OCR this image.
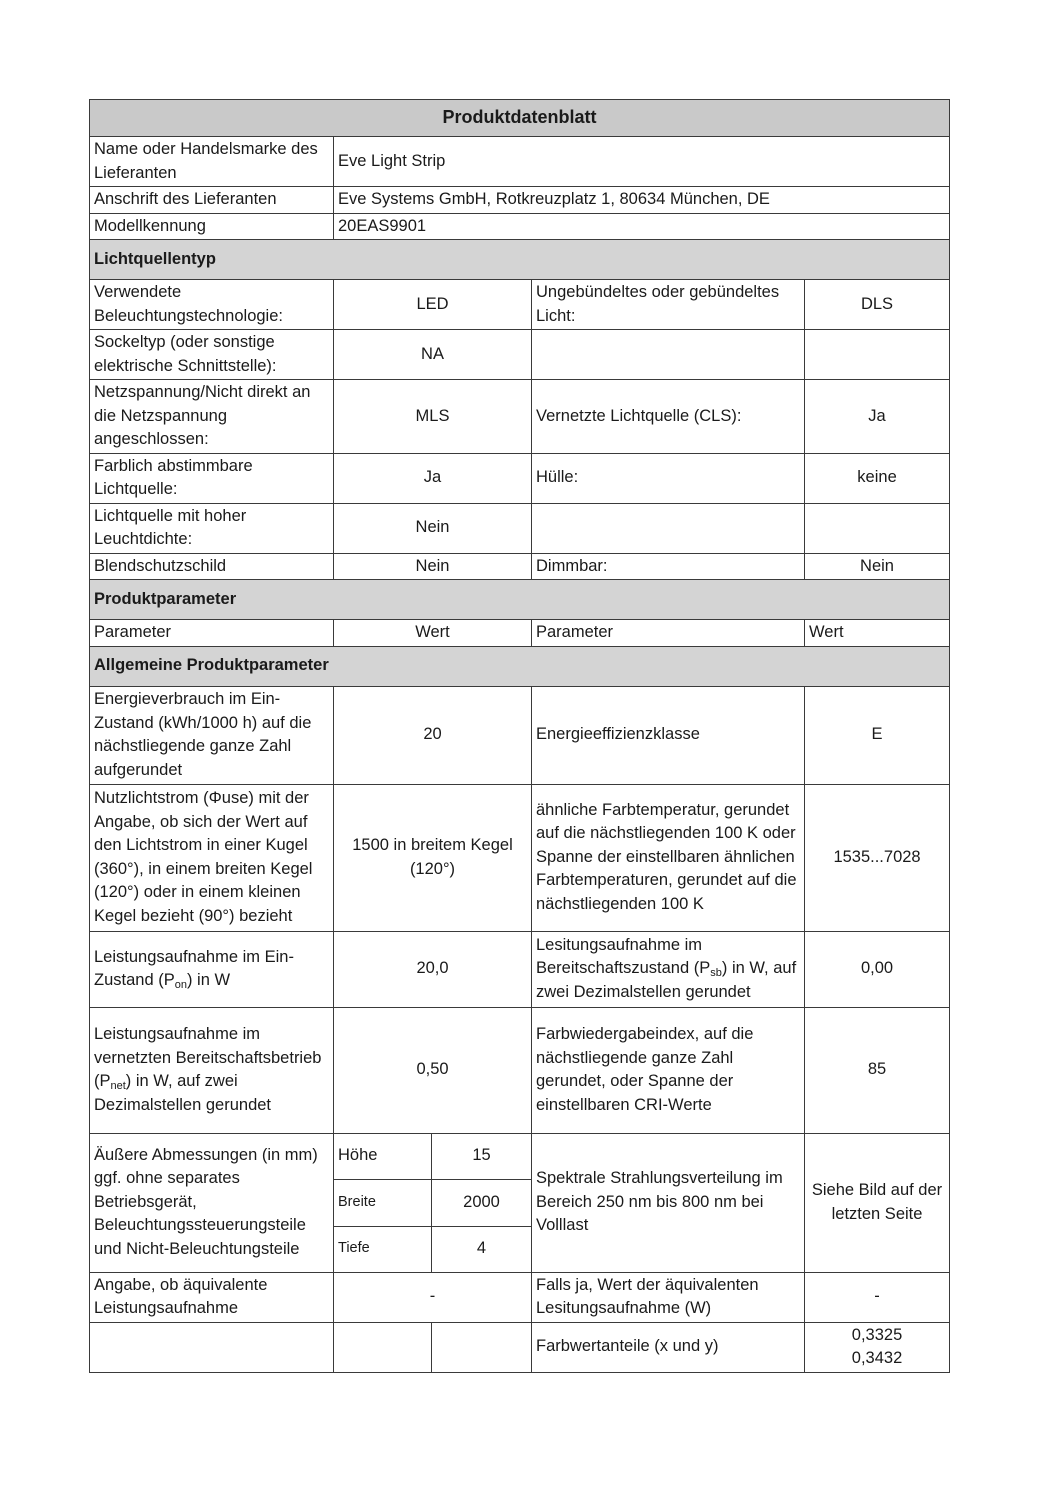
Produktdatenblatt				
Name oder Handelsmarke des Lieferanten	Eve Light Strip			
Anschrift des Lieferanten	Eve Systems GmbH, Rotkreuzplatz 1, 80634 München, DE			
Modellkennung	20EAS9901			
Lichtquellentyp				
Verwendete Beleuchtungstechnologie:	LED		Ungebündeltes oder gebündeltes Licht:	DLS
Sockeltyp (oder sonstige elektrische Schnittstelle):	NA			
Netzspannung/Nicht direkt an die Netzspannung angeschlossen:	MLS		Vernetzte Lichtquelle (CLS):	Ja
Farblich abstimmbare Lichtquelle:	Ja		Hülle:	keine
Lichtquelle mit hoher Leuchtdichte:	Nein			
Blendschutzschild	Nein		Dimmbar:	Nein
Produktparameter				
Parameter	Wert		Parameter	Wert
Allgemeine Produktparameter				
Energieverbrauch im Ein-Zustand (kWh/1000 h) auf die nächstliegende ganze Zahl aufgerundet	20		Energieeffizienzklasse	E
Nutzlichtstrom (Φuse) mit der Angabe, ob sich der Wert auf den Lichtstrom in einer Kugel (360°), in einem breiten Kegel (120°) oder in einem kleinen Kegel bezieht (90°) bezieht	1500 in breitem Kegel (120°)		ähnliche Farbtemperatur, gerundet auf die nächstliegenden 100 K oder Spanne der einstellbaren ähnlichen Farbtemperaturen, gerundet auf die nächstliegenden 100 K	1535...7028
Leistungsaufnahme im Ein-Zustand $(P_{on})$ in W	20,0		Lesitungsaufnahme im Bereitschaftszustand $(P_{sb})$ in W, auf zwei Dezimalstellen gerundet	0,00
Leistungsaufnahme im vernetzten Bereitschaftsbetrieb $(P_{net})$ in W, auf zwei Dezimalstellen gerundet	0,50		Farbwiedergabeindex, auf die nächstliegende ganze Zahl gerundet, oder Spanne der einstellbaren CRI-Werte	85
Äußere Abmessungen (in mm) ggf. ohne separates Betriebsgerät, Beleuchtungssteuerungsteile und Nicht-Beleuchtungsteile	Höhe	15	Spektrale Strahlungsverteilung im Bereich 250 nm bis 800 nm bei Volllast	Siehe Bild auf der letzten Seite
	Breite	2000		
	Tiefe	4		
Angabe, ob äquivalente Leistungsaufnahme	-		Falls ja, Wert der äquivalenten Lesitungsaufnahme (W)	-
			Farbwertanteile (x und y)	0,3325
0,3432
